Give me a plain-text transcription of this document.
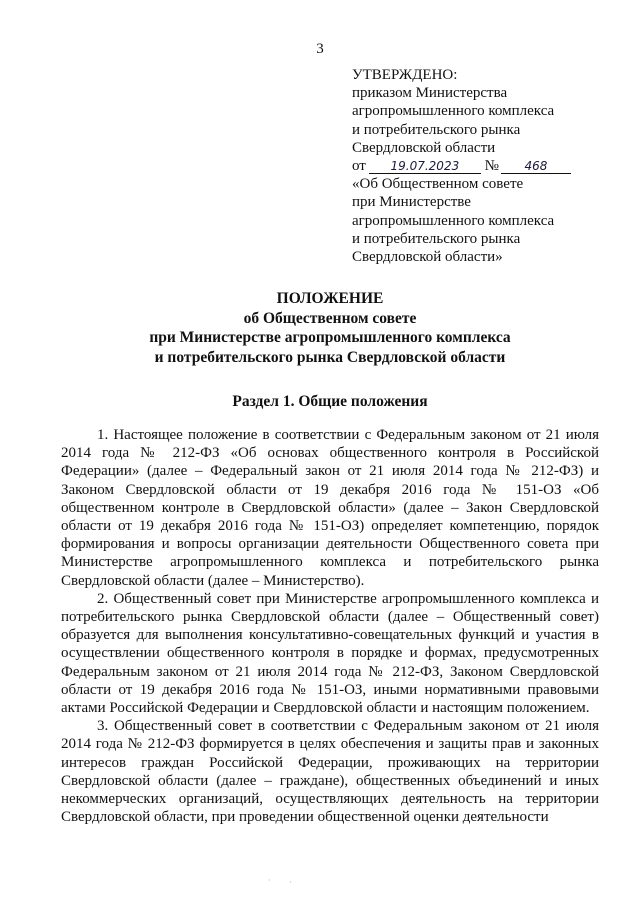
3
УТВЕРЖДЕНО:
приказом Министерства
агропромышленного комплекса
и потребительского рынка
Свердловской области
от 19.07.2023 № 468
«Об Общественном совете
при Министерстве
агропромышленного комплекса
и потребительского рынка
Свердловской области»
ПОЛОЖЕНИЕ
об Общественном совете
при Министерстве агропромышленного комплекса
и потребительского рынка Свердловской области
Раздел 1. Общие положения

1. Настоящее положение в соответствии с Федеральным законом от 21 июля 2014 года № 212-ФЗ «Об основах общественного контроля в Российской Федерации» (далее – Федеральный закон от 21 июля 2014 года № 212-ФЗ) и Законом Свердловской области от 19 декабря 2016 года № 151-ОЗ «Об общественном контроле в Свердловской области» (далее – Закон Свердловской области от 19 декабря 2016 года № 151-ОЗ) определяет компетенцию, порядок формирования и вопросы организации деятельности Общественного совета при Министерстве агропромышленного комплекса и потребительского рынка Свердловской области (далее – Министерство).

2. Общественный совет при Министерстве агропромышленного комплекса и потребительского рынка Свердловской области (далее – Общественный совет) образуется для выполнения консультативно-совещательных функций и участия в осуществлении общественного контроля в порядке и формах, предусмотренных Федеральным законом от 21 июля 2014 года № 212-ФЗ, Законом Свердловской области от 19 декабря 2016 года № 151-ОЗ, иными нормативными правовыми актами Российской Федерации и Свердловской области и настоящим положением.

3. Общественный совет в соответствии с Федеральным законом от 21 июля 2014 года № 212-ФЗ формируется в целях обеспечения и защиты прав и законных интересов граждан Российской Федерации, проживающих на территории Свердловской области (далее – граждане), общественных объединений и иных некоммерческих организаций, осуществляющих деятельность на территории Свердловской области, при проведении общественной оценки деятельности

· ·
